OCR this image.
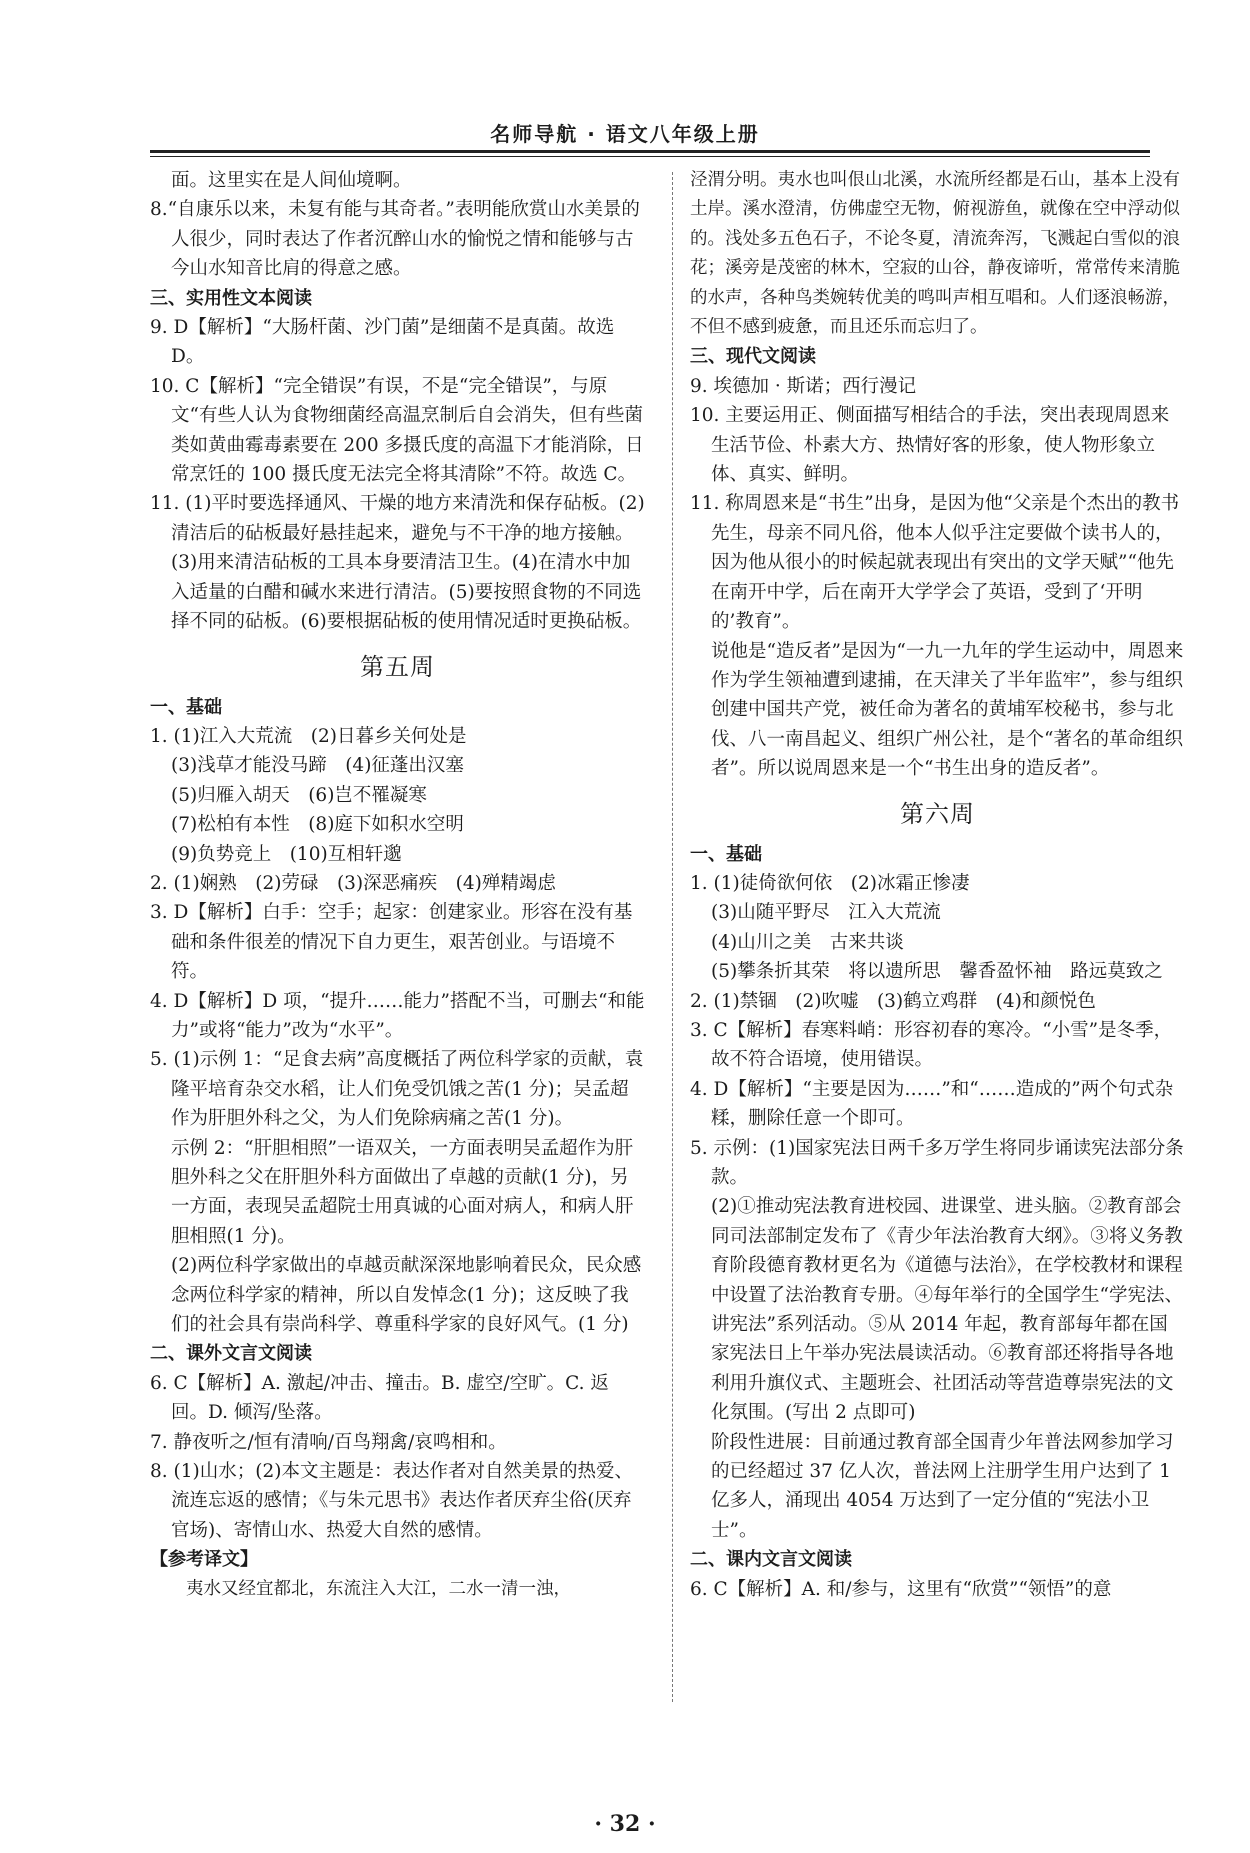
名师导航 · 语文八年级上册
面。这里实在是人间仙境啊。
8.“自康乐以来，未复有能与其奇者。”表明能欣赏山水美景的人很少，同时表达了作者沉醉山水的愉悦之情和能够与古今山水知音比肩的得意之感。
三、实用性文本阅读
9. D【解析】“大肠杆菌、沙门菌”是细菌不是真菌。故选 D。
10. C【解析】“完全错误”有误，不是“完全错误”，与原文“有些人认为食物细菌经高温烹制后自会消失，但有些菌类如黄曲霉毒素要在 200 多摄氏度的高温下才能消除，日常烹饪的 100 摄氏度无法完全将其清除”不符。故选 C。
11. (1)平时要选择通风、干燥的地方来清洗和保存砧板。(2)清洁后的砧板最好悬挂起来，避免与不干净的地方接触。(3)用来清洁砧板的工具本身要清洁卫生。(4)在清水中加入适量的白醋和碱水来进行清洁。(5)要按照食物的不同选择不同的砧板。(6)要根据砧板的使用情况适时更换砧板。
第五周
一、基础
1. (1)江入大荒流　(2)日暮乡关何处是
(3)浅草才能没马蹄　(4)征蓬出汉塞
(5)归雁入胡天　(6)岂不罹凝寒
(7)松柏有本性　(8)庭下如积水空明
(9)负势竞上　(10)互相轩邈
2. (1)娴熟　(2)劳碌　(3)深恶痛疾　(4)殚精竭虑
3. D【解析】白手：空手；起家：创建家业。形容在没有基础和条件很差的情况下自力更生，艰苦创业。与语境不符。
4. D【解析】D 项，“提升……能力”搭配不当，可删去“和能力”或将“能力”改为“水平”。
5. (1)示例 1：“足食去病”高度概括了两位科学家的贡献，袁隆平培育杂交水稻，让人们免受饥饿之苦(1 分)；吴孟超作为肝胆外科之父，为人们免除病痛之苦(1 分)。
示例 2：“肝胆相照”一语双关，一方面表明吴孟超作为肝胆外科之父在肝胆外科方面做出了卓越的贡献(1 分)，另一方面，表现吴孟超院士用真诚的心面对病人，和病人肝胆相照(1 分)。
(2)两位科学家做出的卓越贡献深深地影响着民众，民众感念两位科学家的精神，所以自发悼念(1 分)；这反映了我们的社会具有崇尚科学、尊重科学家的良好风气。(1 分)
二、课外文言文阅读
6. C【解析】A. 激起/冲击、撞击。B. 虚空/空旷。C. 返回。D. 倾泻/坠落。
7. 静夜听之/恒有清响/百鸟翔禽/哀鸣相和。
8. (1)山水；(2)本文主题是：表达作者对自然美景的热爱、流连忘返的感情；《与朱元思书》表达作者厌弃尘俗(厌弃官场)、寄情山水、热爱大自然的感情。
【参考译文】
夷水又经宜都北，东流注入大江，二水一清一浊，
泾渭分明。夷水也叫佷山北溪，水流所经都是石山，基本上没有土岸。溪水澄清，仿佛虚空无物，俯视游鱼，就像在空中浮动似的。浅处多五色石子，不论冬夏，清流奔泻，飞溅起白雪似的浪花；溪旁是茂密的林木，空寂的山谷，静夜谛听，常常传来清脆的水声，各种鸟类婉转优美的鸣叫声相互唱和。人们逐浪畅游，不但不感到疲惫，而且还乐而忘归了。
三、现代文阅读
9. 埃德加 · 斯诺；西行漫记
10. 主要运用正、侧面描写相结合的手法，突出表现周恩来生活节俭、朴素大方、热情好客的形象，使人物形象立体、真实、鲜明。
11. 称周恩来是“书生”出身，是因为他“父亲是个杰出的教书先生，母亲不同凡俗，他本人似乎注定要做个读书人的，因为他从很小的时候起就表现出有突出的文学天赋”“他先在南开中学，后在南开大学学会了英语，受到了‘开明的’教育”。
说他是“造反者”是因为“一九一九年的学生运动中，周恩来作为学生领袖遭到逮捕，在天津关了半年监牢”，参与组织创建中国共产党，被任命为著名的黄埔军校秘书，参与北伐、八一南昌起义、组织广州公社，是个“著名的革命组织者”。所以说周恩来是一个“书生出身的造反者”。
第六周
一、基础
1. (1)徒倚欲何依　(2)冰霜正惨凄
(3)山随平野尽　江入大荒流
(4)山川之美　古来共谈
(5)攀条折其荣　将以遗所思　馨香盈怀袖　路远莫致之
2. (1)禁锢　(2)吹嘘　(3)鹤立鸡群　(4)和颜悦色
3. C【解析】春寒料峭：形容初春的寒冷。“小雪”是冬季，故不符合语境，使用错误。
4. D【解析】“主要是因为……”和“……造成的”两个句式杂糅，删除任意一个即可。
5. 示例：(1)国家宪法日两千多万学生将同步诵读宪法部分条款。
(2)①推动宪法教育进校园、进课堂、进头脑。②教育部会同司法部制定发布了《青少年法治教育大纲》。③将义务教育阶段德育教材更名为《道德与法治》，在学校教材和课程中设置了法治教育专册。④每年举行的全国学生“学宪法、讲宪法”系列活动。⑤从 2014 年起，教育部每年都在国家宪法日上午举办宪法晨读活动。⑥教育部还将指导各地利用升旗仪式、主题班会、社团活动等营造尊崇宪法的文化氛围。(写出 2 点即可)
阶段性进展：目前通过教育部全国青少年普法网参加学习的已经超过 37 亿人次，普法网上注册学生用户达到了 1 亿多人，涌现出 4054 万达到了一定分值的“宪法小卫士”。
二、课内文言文阅读
6. C【解析】A. 和/参与，这里有“欣赏”“领悟”的意
· 32 ·
